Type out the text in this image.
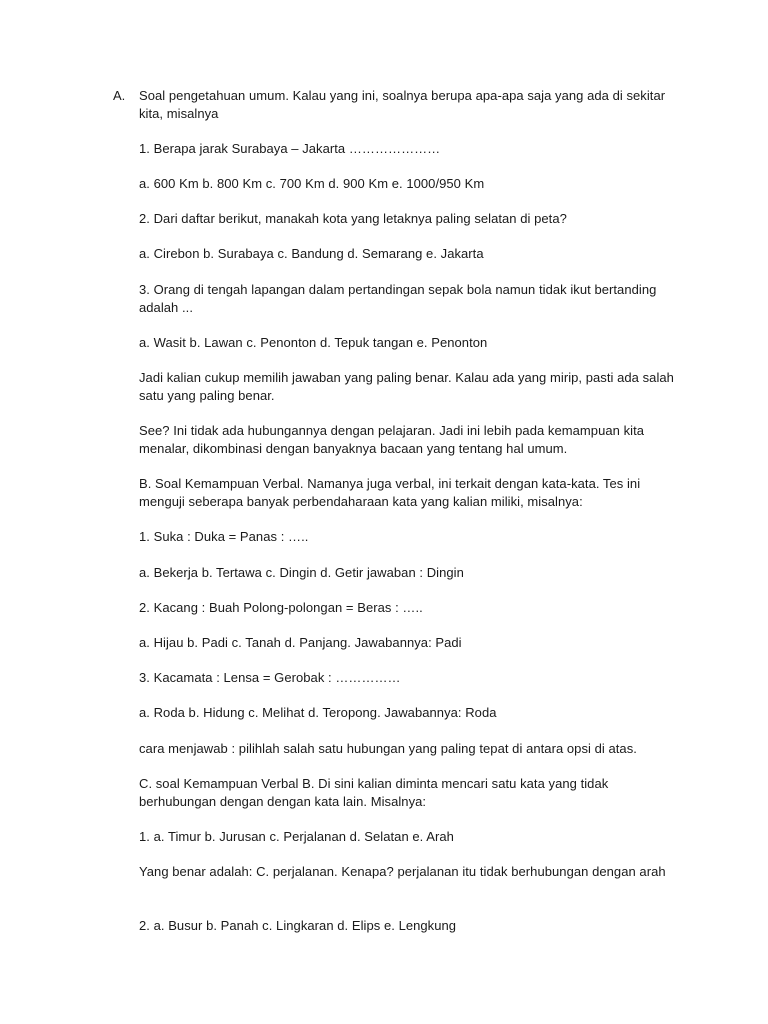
A. Soal pengetahuan umum. Kalau yang ini, soalnya berupa apa-apa saja yang ada di sekitar
kita, misalnya
1. Berapa jarak Surabaya – Jakarta …………………
a. 600 Km b. 800 Km c. 700 Km d. 900 Km e. 1000/950 Km
2. Dari daftar berikut, manakah kota yang letaknya paling selatan di peta?
a. Cirebon b. Surabaya c. Bandung d. Semarang e. Jakarta
3. Orang di tengah lapangan dalam pertandingan sepak bola namun tidak ikut bertanding
adalah ...
a. Wasit b. Lawan c. Penonton d. Tepuk tangan e. Penonton
Jadi kalian cukup memilih jawaban yang paling benar. Kalau ada yang mirip, pasti ada salah
satu yang paling benar.
See? Ini tidak ada hubungannya dengan pelajaran. Jadi ini lebih pada kemampuan kita
menalar, dikombinasi dengan banyaknya bacaan yang tentang hal umum.
B. Soal Kemampuan Verbal. Namanya juga verbal, ini terkait dengan kata-kata. Tes ini
menguji seberapa banyak perbendaharaan kata yang kalian miliki, misalnya:
1. Suka : Duka = Panas : …..
a. Bekerja b. Tertawa c. Dingin d. Getir jawaban : Dingin
2. Kacang : Buah Polong-polongan = Beras : …..
a. Hijau b. Padi c. Tanah d. Panjang. Jawabannya: Padi
3. Kacamata : Lensa = Gerobak : ……………
a. Roda b. Hidung c. Melihat d. Teropong. Jawabannya: Roda
cara menjawab : pilihlah salah satu hubungan yang paling tepat di antara opsi di atas.
C. soal Kemampuan Verbal B. Di sini kalian diminta mencari satu kata yang tidak
berhubungan dengan dengan kata lain. Misalnya:
1. a. Timur b. Jurusan c. Perjalanan d. Selatan e. Arah
Yang benar adalah: C. perjalanan. Kenapa? perjalanan itu tidak berhubungan dengan arah
2. a. Busur b. Panah c. Lingkaran d. Elips e. Lengkung
